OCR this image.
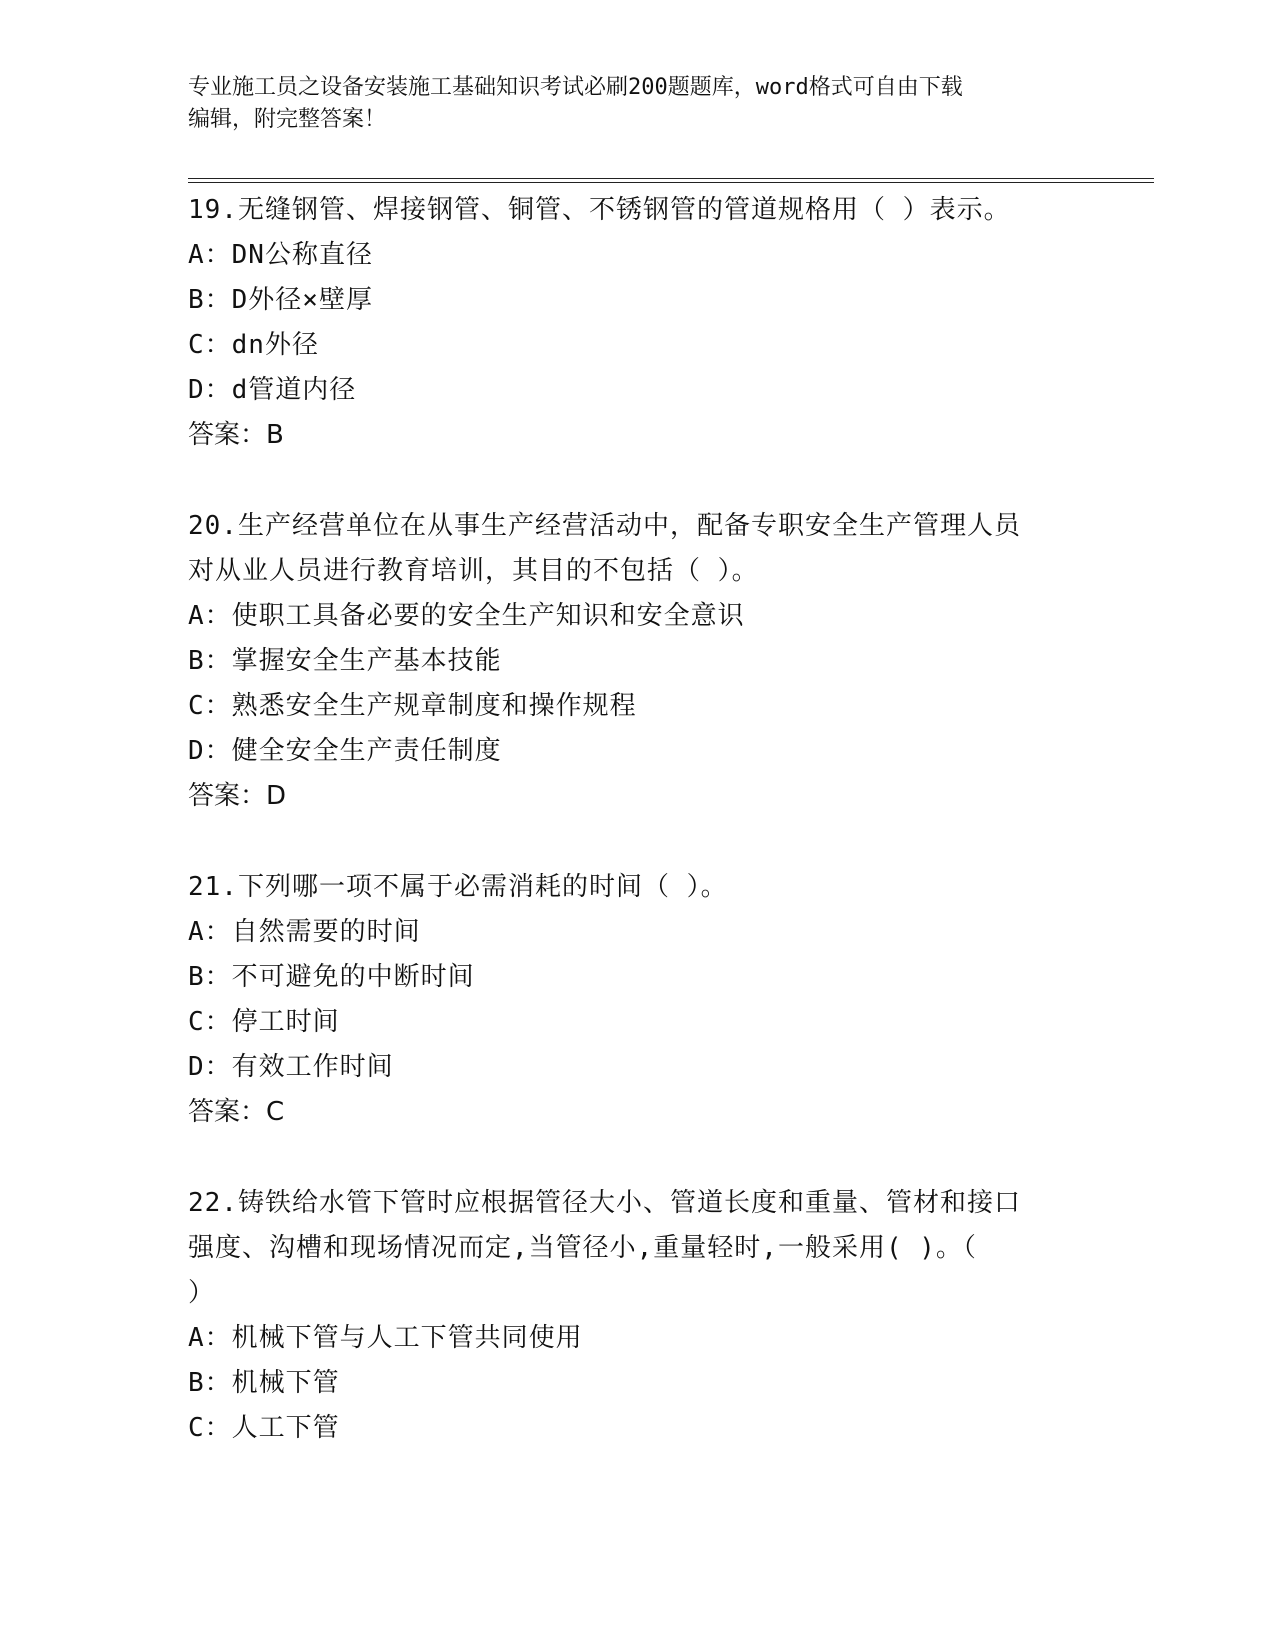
专业施工员之设备安装施工基础知识考试必刷200题题库，word格式可自由下载
编辑，附完整答案！
19.无缝钢管、焊接钢管、铜管、不锈钢管的管道规格用（ ）表示。
A：DN公称直径
B：D外径×壁厚
C：dn外径
D：d管道内径
答案：B
20.生产经营单位在从事生产经营活动中，配备专职安全生产管理人员
对从业人员进行教育培训，其目的不包括（ ）。
A：使职工具备必要的安全生产知识和安全意识
B：掌握安全生产基本技能
C：熟悉安全生产规章制度和操作规程
D：健全安全生产责任制度
答案：D
21.下列哪一项不属于必需消耗的时间（ ）。
A：自然需要的时间
B：不可避免的中断时间
C：停工时间
D：有效工作时间
答案：C
22.铸铁给水管下管时应根据管径大小、管道长度和重量、管材和接口
强度、沟槽和现场情况而定,当管径小,重量轻时,一般采用( )。（
）
A：机械下管与人工下管共同使用
B：机械下管
C：人工下管
